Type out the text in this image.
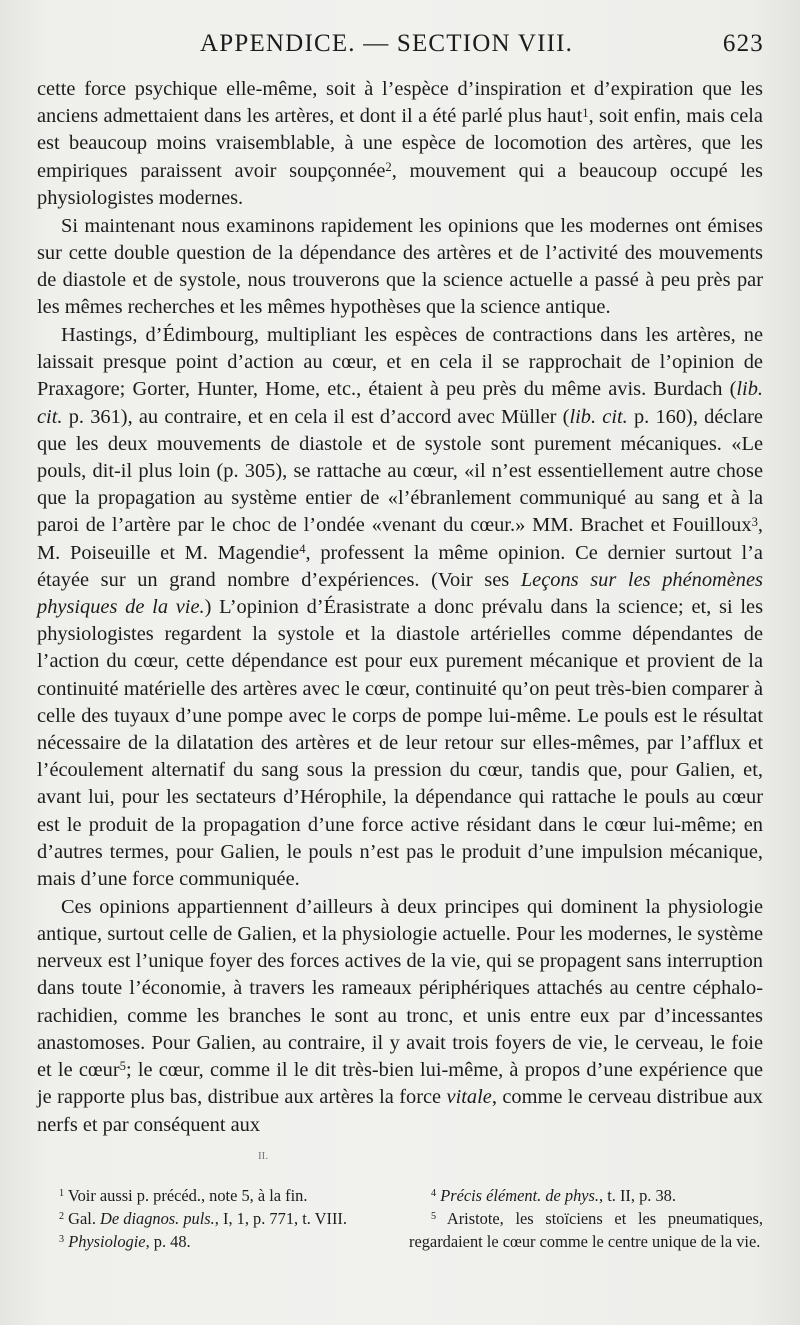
APPENDICE. — SECTION VIII.	623

cette force psychique elle-même, soit à l’espèce d’inspiration et d’expiration que les anciens admettaient dans les artères, et dont il a été parlé plus haut$^1$, soit enfin, mais cela est beaucoup moins vraisemblable, à une espèce de locomotion des artères, que les empiriques paraissent avoir soupçonnée$^2$, mouvement qui a beaucoup occupé les physiologistes modernes.

Si maintenant nous examinons rapidement les opinions que les modernes ont émises sur cette double question de la dépendance des artères et de l’activité des mouvements de diastole et de systole, nous trouverons que la science actuelle a passé à peu près par les mêmes recherches et les mêmes hypothèses que la science antique.

Hastings, d’Édimbourg, multipliant les espèces de contractions dans les artères, ne laissait presque point d’action au cœur, et en cela il se rapprochait de l’opinion de Praxagore; Gorter, Hunter, Home, etc., étaient à peu près du même avis. Burdach (lib. cit. p. 361), au contraire, et en cela il est d’accord avec Müller (lib. cit. p. 160), déclare que les deux mouvements de diastole et de systole sont purement mécaniques. «Le pouls, dit-il plus loin (p. 305), se rattache au cœur, «il n’est essentiellement autre chose que la propagation au système entier de «l’ébranlement communiqué au sang et à la paroi de l’artère par le choc de l’ondée «venant du cœur.» MM. Brachet et Fouilloux$^3$, M. Poiseuille et M. Magendie$^4$, professent la même opinion. Ce dernier surtout l’a étayée sur un grand nombre d’expériences. (Voir ses Leçons sur les phénomènes physiques de la vie.) L’opinion d’Érasistrate a donc prévalu dans la science; et, si les physiologistes regardent la systole et la diastole artérielles comme dépendantes de l’action du cœur, cette dépendance est pour eux purement mécanique et provient de la continuité matérielle des artères avec le cœur, continuité qu’on peut très-bien comparer à celle des tuyaux d’une pompe avec le corps de pompe lui-même. Le pouls est le résultat nécessaire de la dilatation des artères et de leur retour sur elles-mêmes, par l’afflux et l’écoulement alternatif du sang sous la pression du cœur, tandis que, pour Galien, et, avant lui, pour les sectateurs d’Hérophile, la dépendance qui rattache le pouls au cœur est le produit de la propagation d’une force active résidant dans le cœur lui-même; en d’autres termes, pour Galien, le pouls n’est pas le produit d’une impulsion mécanique, mais d’une force communiquée.

Ces opinions appartiennent d’ailleurs à deux principes qui dominent la physiologie antique, surtout celle de Galien, et la physiologie actuelle. Pour les modernes, le système nerveux est l’unique foyer des forces actives de la vie, qui se propagent sans interruption dans toute l’économie, à travers les rameaux périphériques attachés au centre céphalo-rachidien, comme les branches le sont au tronc, et unis entre eux par d’incessantes anastomoses. Pour Galien, au contraire, il y avait trois foyers de vie, le cerveau, le foie et le cœur$^5$; le cœur, comme il le dit très-bien lui-même, à propos d’une expérience que je rapporte plus bas, distribue aux artères la force vitale, comme le cerveau distribue aux nerfs et par conséquent aux

II.

$^1$ Voir aussi p. précéd., note 5, à la fin.

$^2$ Gal. De diagnos. puls., I, 1, p. 771, t. VIII.

$^3$ Physiologie, p. 48.

$^4$ Précis élément. de phys., t. II, p. 38.

$^5$ Aristote, les stoïciens et les pneumatiques, regardaient le cœur comme le centre unique de la vie.
